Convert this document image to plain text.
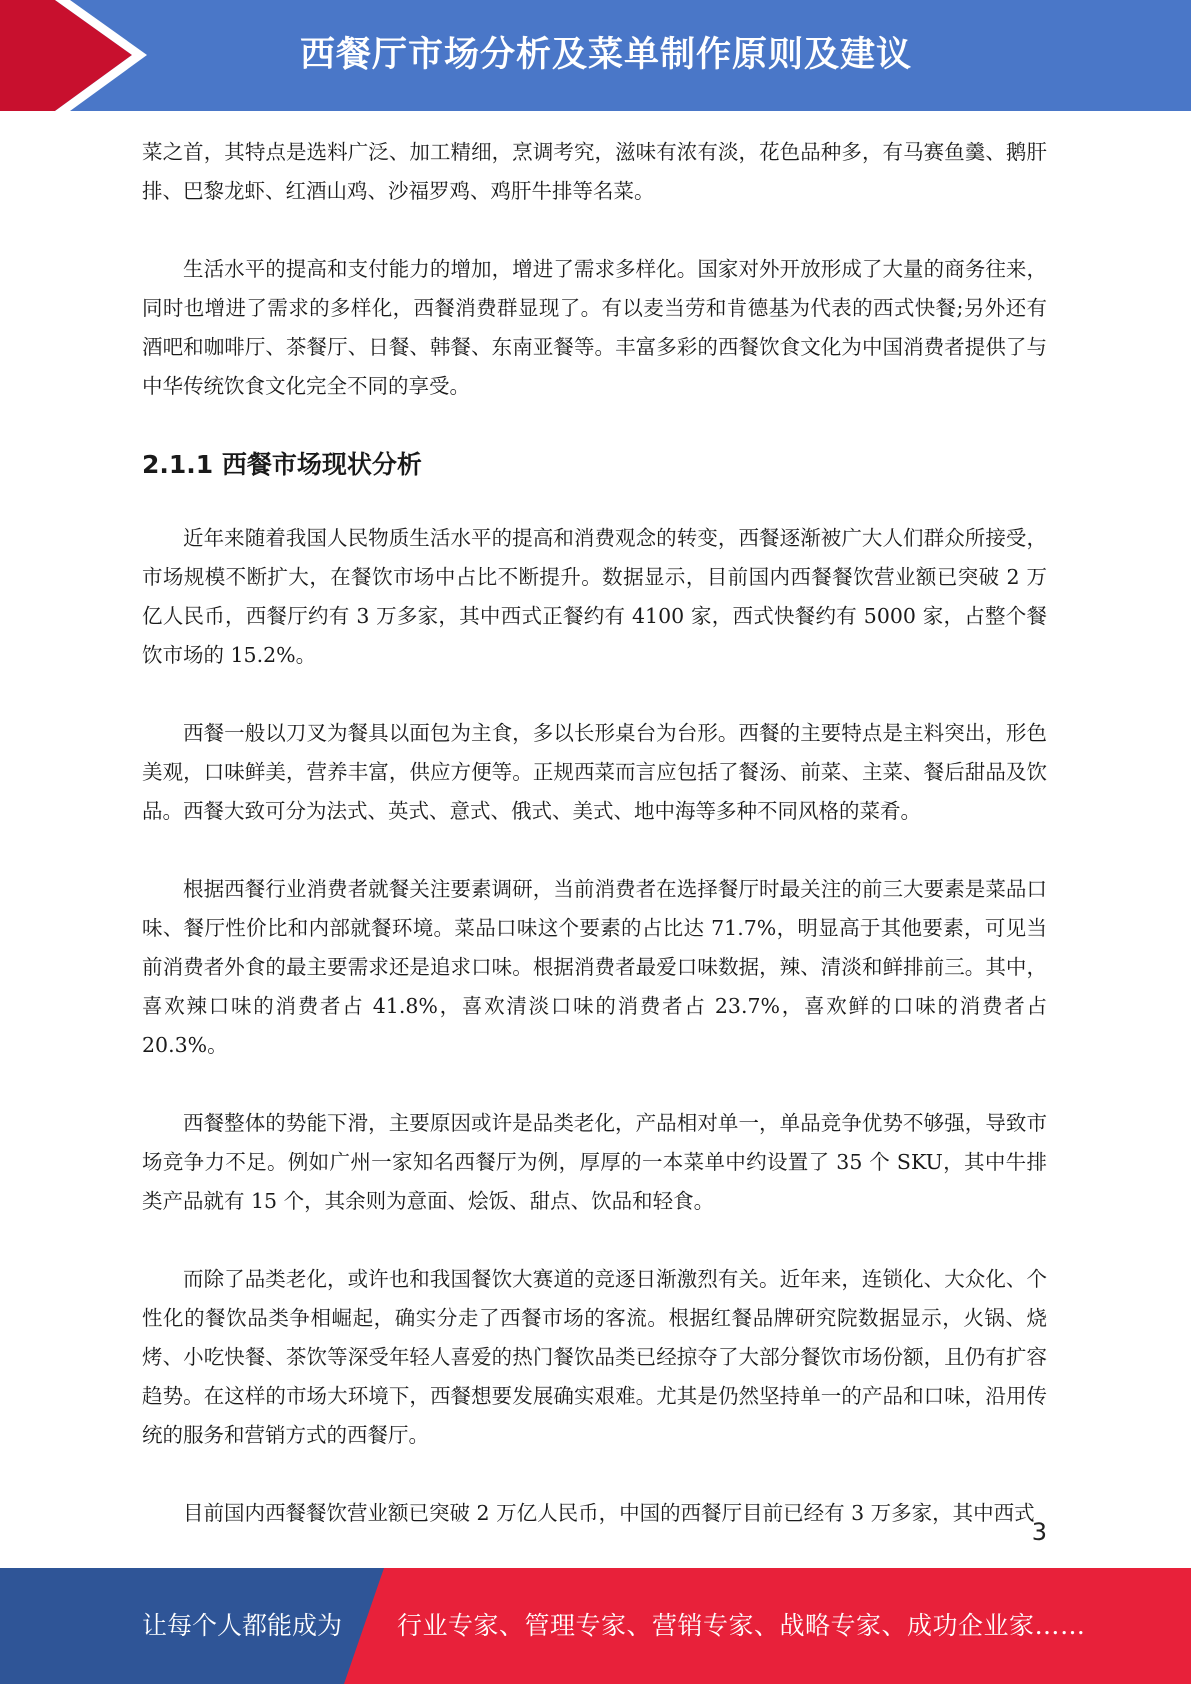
西餐厅市场分析及菜单制作原则及建议

菜之首，其特点是选料广泛、加工精细，烹调考究，滋味有浓有淡，花色品种多，有马赛鱼羹、鹅肝排、巴黎龙虾、红酒山鸡、沙福罗鸡、鸡肝牛排等名菜。

生活水平的提高和支付能力的增加，增进了需求多样化。国家对外开放形成了大量的商务往来，同时也增进了需求的多样化，西餐消费群显现了。有以麦当劳和肯德基为代表的西式快餐;另外还有酒吧和咖啡厅、茶餐厅、日餐、韩餐、东南亚餐等。丰富多彩的西餐饮食文化为中国消费者提供了与中华传统饮食文化完全不同的享受。

2.1.1 西餐市场现状分析

近年来随着我国人民物质生活水平的提高和消费观念的转变，西餐逐渐被广大人们群众所接受，市场规模不断扩大，在餐饮市场中占比不断提升。数据显示，目前国内西餐餐饮营业额已突破 2 万亿人民币，西餐厅约有 3 万多家，其中西式正餐约有 4100 家，西式快餐约有 5000 家，占整个餐饮市场的 15.2%。

西餐一般以刀叉为餐具以面包为主食，多以长形桌台为台形。西餐的主要特点是主料突出，形色美观，口味鲜美，营养丰富，供应方便等。正规西菜而言应包括了餐汤、前菜、主菜、餐后甜品及饮品。西餐大致可分为法式、英式、意式、俄式、美式、地中海等多种不同风格的菜肴。

根据西餐行业消费者就餐关注要素调研，当前消费者在选择餐厅时最关注的前三大要素是菜品口味、餐厅性价比和内部就餐环境。菜品口味这个要素的占比达 71.7%，明显高于其他要素，可见当前消费者外食的最主要需求还是追求口味。根据消费者最爱口味数据，辣、清淡和鲜排前三。其中，喜欢辣口味的消费者占 41.8%，喜欢清淡口味的消费者占 23.7%，喜欢鲜的口味的消费者占 20.3%。

西餐整体的势能下滑，主要原因或许是品类老化，产品相对单一，单品竞争优势不够强，导致市场竞争力不足。例如广州一家知名西餐厅为例，厚厚的一本菜单中约设置了 35 个 SKU，其中牛排类产品就有 15 个，其余则为意面、烩饭、甜点、饮品和轻食。

而除了品类老化，或许也和我国餐饮大赛道的竞逐日渐激烈有关。近年来，连锁化、大众化、个性化的餐饮品类争相崛起，确实分走了西餐市场的客流。根据红餐品牌研究院数据显示，火锅、烧烤、小吃快餐、茶饮等深受年轻人喜爱的热门餐饮品类已经掠夺了大部分餐饮市场份额，且仍有扩容趋势。在这样的市场大环境下，西餐想要发展确实艰难。尤其是仍然坚持单一的产品和口味，沿用传统的服务和营销方式的西餐厅。

目前国内西餐餐饮营业额已突破 2 万亿人民币，中国的西餐厅目前已经有 3 万多家，其中西式

3
让每个人都能成为 行业专家、管理专家、营销专家、战略专家、成功企业家……
